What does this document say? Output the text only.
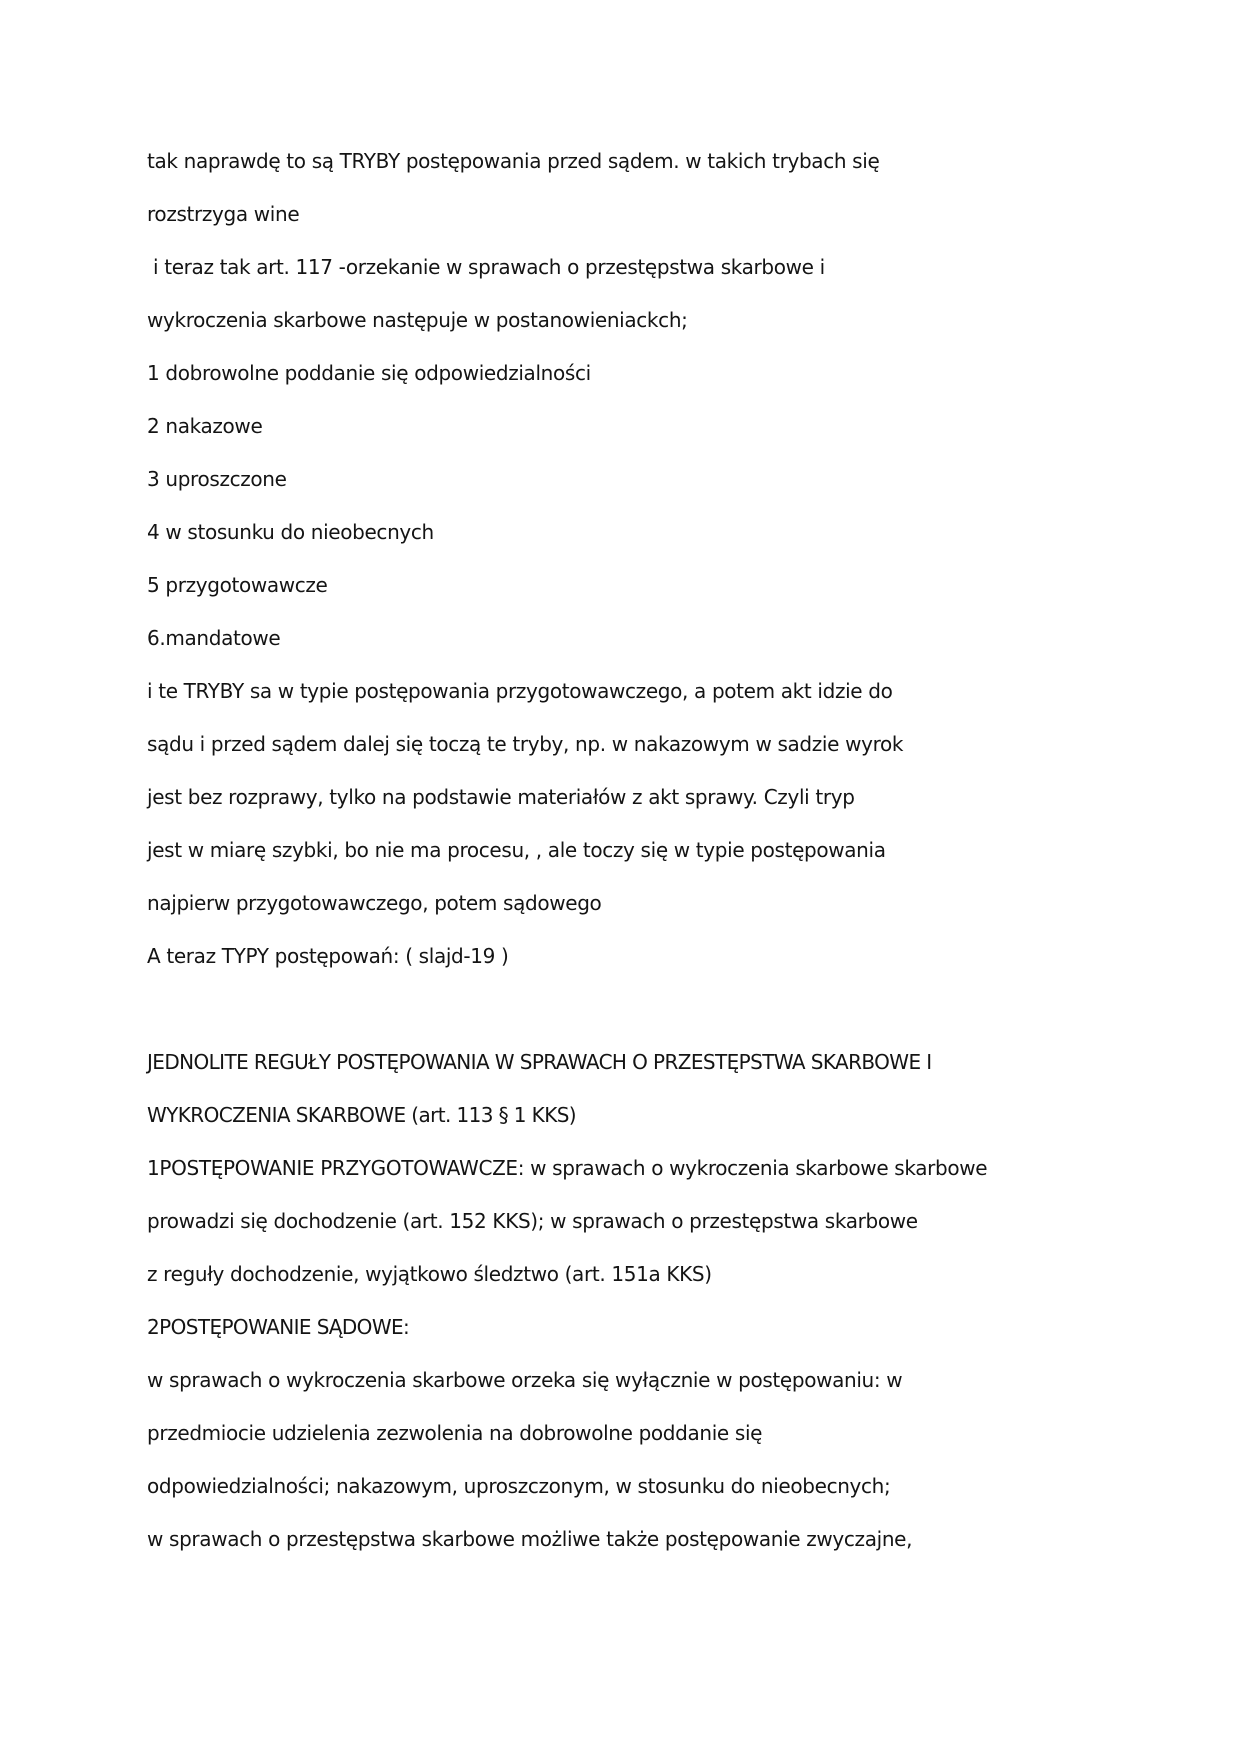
tak naprawdę to są TRYBY postępowania przed sądem. w takich trybach się

rozstrzyga wine

i teraz tak art. 117 -orzekanie w sprawach o przestępstwa skarbowe i

wykroczenia skarbowe następuje w postanowieniackch;

1 dobrowolne poddanie się odpowiedzialności

2 nakazowe

3 uproszczone

4 w stosunku do nieobecnych

5 przygotowawcze

6.mandatowe

i te TRYBY sa w typie postępowania przygotowawczego, a potem akt idzie do

sądu i przed sądem dalej się toczą te tryby, np. w nakazowym w sadzie wyrok

jest bez rozprawy, tylko na podstawie materiałów z akt sprawy. Czyli tryp

jest w miarę szybki, bo nie ma procesu, , ale toczy się w typie postępowania

najpierw przygotowawczego, potem sądowego

A teraz TYPY postępowań: ( slajd-19 )

JEDNOLITE REGUŁY POSTĘPOWANIA W SPRAWACH O PRZESTĘPSTWA SKARBOWE I

WYKROCZENIA SKARBOWE (art. 113 § 1 KKS)

1POSTĘPOWANIE PRZYGOTOWAWCZE: w sprawach o wykroczenia skarbowe skarbowe

prowadzi się dochodzenie (art. 152 KKS); w sprawach o przestępstwa skarbowe

z reguły dochodzenie, wyjątkowo śledztwo (art. 151a KKS)

2POSTĘPOWANIE SĄDOWE:

w sprawach o wykroczenia skarbowe orzeka się wyłącznie w postępowaniu: w

przedmiocie udzielenia zezwolenia na dobrowolne poddanie się

odpowiedzialności; nakazowym, uproszczonym, w stosunku do nieobecnych;

w sprawach o przestępstwa skarbowe możliwe także postępowanie zwyczajne,
